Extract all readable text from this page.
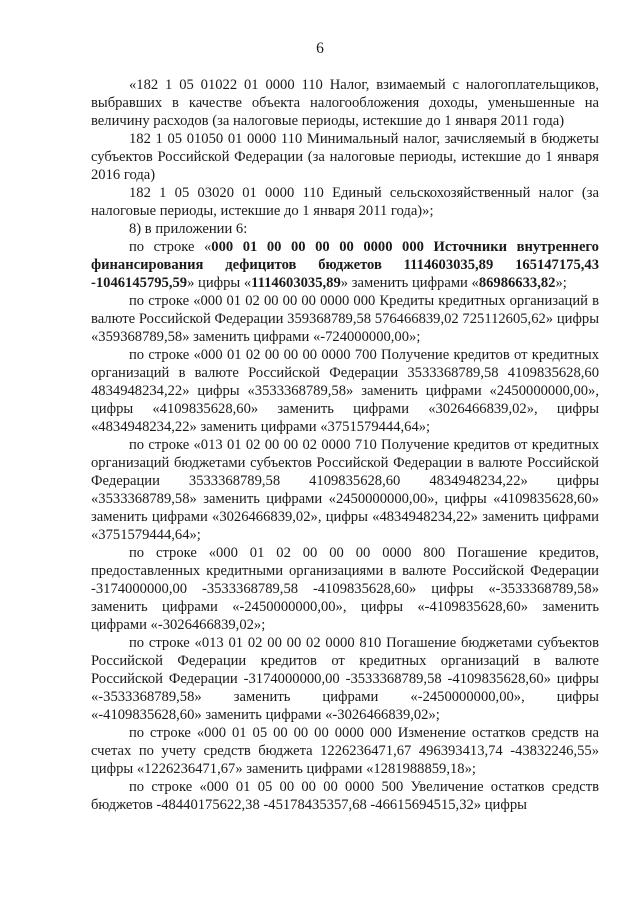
6

«182 1 05 01022 01 0000 110 Налог, взимаемый с налогоплательщиков, выбравших в качестве объекта налогообложения доходы, уменьшенные на величину расходов (за налоговые периоды, истекшие до 1 января 2011 года)

182 1 05 01050 01 0000 110 Минимальный налог, зачисляемый в бюджеты субъектов Российской Федерации (за налоговые периоды, истекшие до 1 января 2016 года)

182 1 05 03020 01 0000 110 Единый сельскохозяйственный налог (за налоговые периоды, истекшие до 1 января 2011 года)»;

8) в приложении 6:

по строке «000 01 00 00 00 00 0000 000 Источники внутреннего финансирования дефицитов бюджетов 1114603035,89 165147175,43 -1046145795,59» цифры «1114603035,89» заменить цифрами «86986633,82»;

по строке «000 01 02 00 00 00 0000 000 Кредиты кредитных организаций в валюте Российской Федерации 359368789,58 576466839,02 725112605,62» цифры «359368789,58» заменить цифрами «-724000000,00»;

по строке «000 01 02 00 00 00 0000 700 Получение кредитов от кредитных организаций в валюте Российской Федерации 3533368789,58 4109835628,60 4834948234,22» цифры «3533368789,58» заменить цифрами «2450000000,00», цифры «4109835628,60» заменить цифрами «3026466839,02», цифры «4834948234,22» заменить цифрами «3751579444,64»;

по строке «013 01 02 00 00 02 0000 710 Получение кредитов от кредитных организаций бюджетами субъектов Российской Федерации в валюте Российской Федерации 3533368789,58 4109835628,60 4834948234,22» цифры «3533368789,58» заменить цифрами «2450000000,00», цифры «4109835628,60» заменить цифрами «3026466839,02», цифры «4834948234,22» заменить цифрами «3751579444,64»;

по строке «000 01 02 00 00 00 0000 800 Погашение кредитов, предоставленных кредитными организациями в валюте Российской Федерации -3174000000,00 -3533368789,58 -4109835628,60» цифры «-3533368789,58» заменить цифрами «-2450000000,00», цифры «-4109835628,60» заменить цифрами «-3026466839,02»;

по строке «013 01 02 00 00 02 0000 810 Погашение бюджетами субъектов Российской Федерации кредитов от кредитных организаций в валюте Российской Федерации -3174000000,00 -3533368789,58 -4109835628,60» цифры «-3533368789,58» заменить цифрами «-2450000000,00», цифры «-4109835628,60» заменить цифрами «-3026466839,02»;

по строке «000 01 05 00 00 00 0000 000 Изменение остатков средств на счетах по учету средств бюджета 1226236471,67 496393413,74 -43832246,55» цифры «1226236471,67» заменить цифрами «1281988859,18»;

по строке «000 01 05 00 00 00 0000 500 Увеличение остатков средств бюджетов -48440175622,38 -45178435357,68 -46615694515,32» цифры
